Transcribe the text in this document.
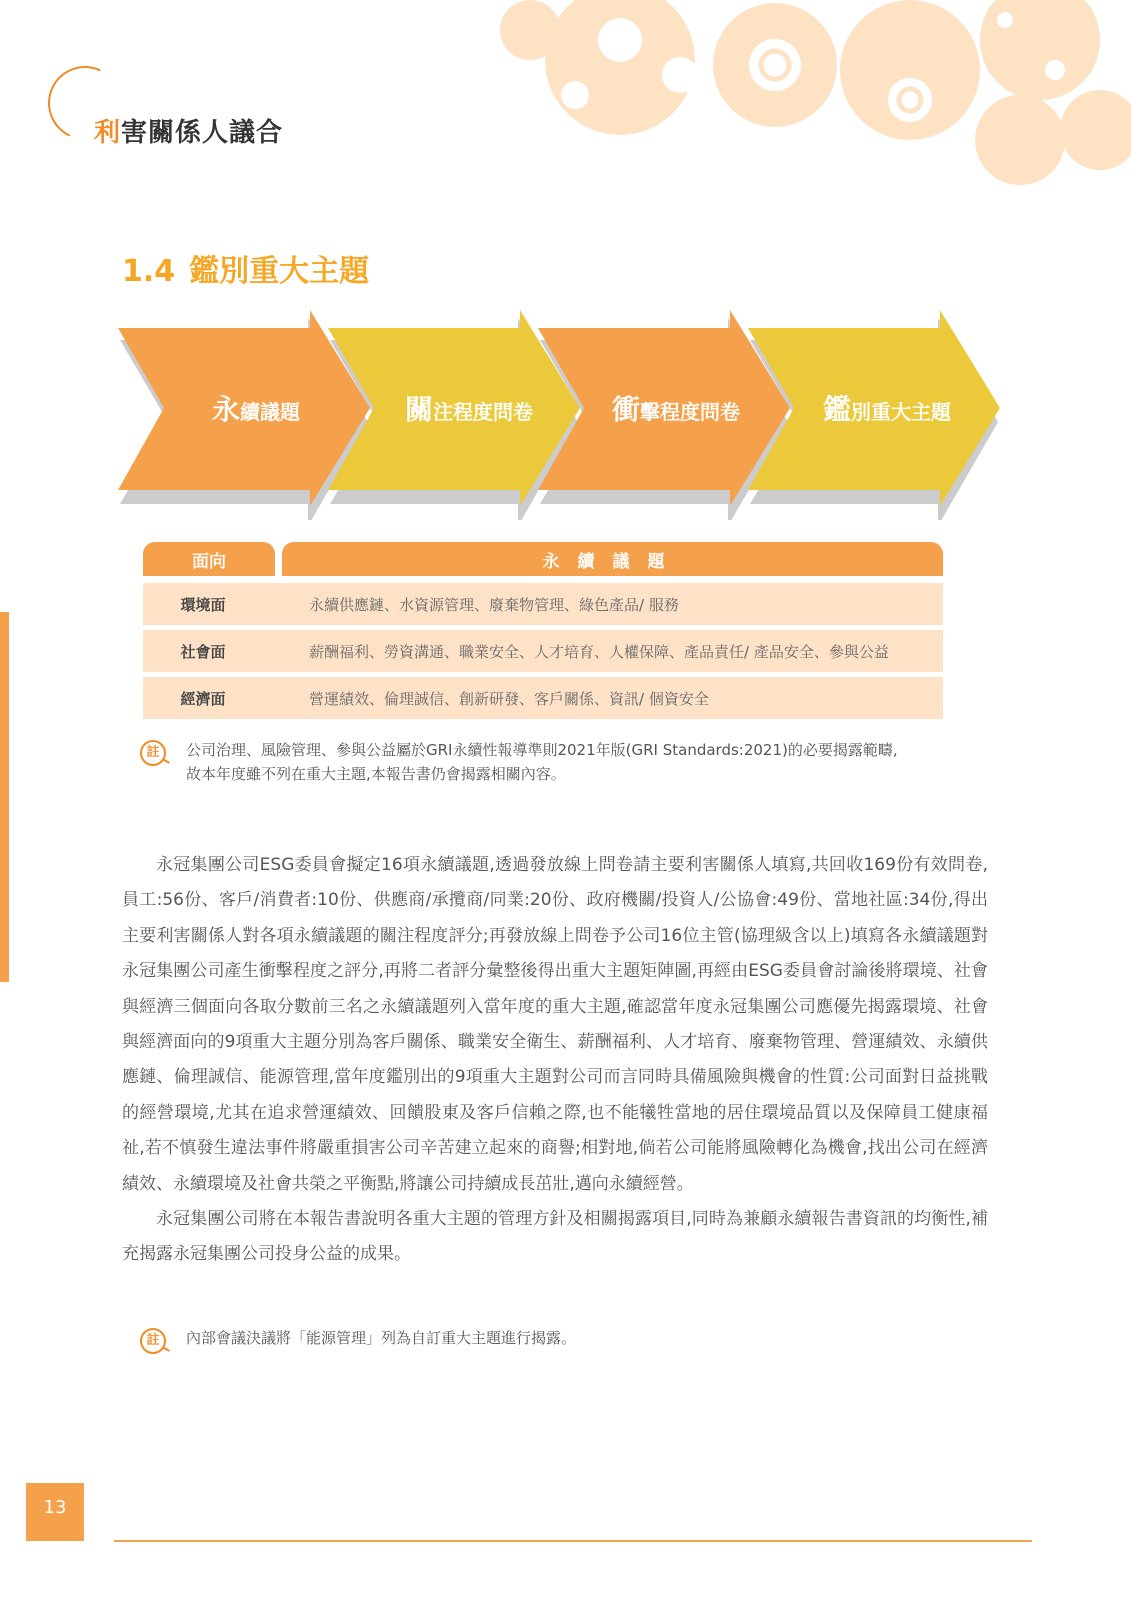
利害關係人議合
1.4 鑑別重大主題
永續議題	關注程度問卷	衝擊程度問卷	鑑別重大主題
面向	永續議題
環境面	永續供應鏈、水資源管理、廢棄物管理、綠色產品/ 服務
社會面	薪酬福利、勞資溝通、職業安全、人才培育、人權保障、產品責任/ 產品安全、參與公益
經濟面	營運績效、倫理誠信、創新研發、客戶關係、資訊/ 個資安全
註	公司治理、風險管理、參與公益屬於GRI永續性報導準則2021年版(GRI Standards:2021)的必要揭露範疇,
故本年度雖不列在重大主題,本報告書仍會揭露相關內容。

永冠集團公司ESG委員會擬定16項永續議題,透過發放線上問卷請主要利害關係人填寫,共回收169份有效問卷,員工:56份、客戶/消費者:10份、供應商/承攬商/同業:20份、政府機關/投資人/公協會:49份、當地社區:34份,得出主要利害關係人對各項永續議題的關注程度評分;再發放線上問卷予公司16位主管(協理級含以上)填寫各永續議題對永冠集團公司產生衝擊程度之評分,再將二者評分彙整後得出重大主題矩陣圖,再經由ESG委員會討論後將環境、社會與經濟三個面向各取分數前三名之永續議題列入當年度的重大主題,確認當年度永冠集團公司應優先揭露環境、社會與經濟面向的9項重大主題分別為客戶關係、職業安全衛生、薪酬福利、人才培育、廢棄物管理、營運績效、永續供應鏈、倫理誠信、能源管理,當年度鑑別出的9項重大主題對公司而言同時具備風險與機會的性質:公司面對日益挑戰的經營環境,尤其在追求營運績效、回饋股東及客戶信賴之際,也不能犧牲當地的居住環境品質以及保障員工健康福祉,若不慎發生違法事件將嚴重損害公司辛苦建立起來的商譽;相對地,倘若公司能將風險轉化為機會,找出公司在經濟績效、永續環境及社會共榮之平衡點,將讓公司持續成長茁壯,邁向永續經營。

永冠集團公司將在本報告書說明各重大主題的管理方針及相關揭露項目,同時為兼顧永續報告書資訊的均衡性,補充揭露永冠集團公司投身公益的成果。

註	內部會議決議將「能源管理」列為自訂重大主題進行揭露。
13
